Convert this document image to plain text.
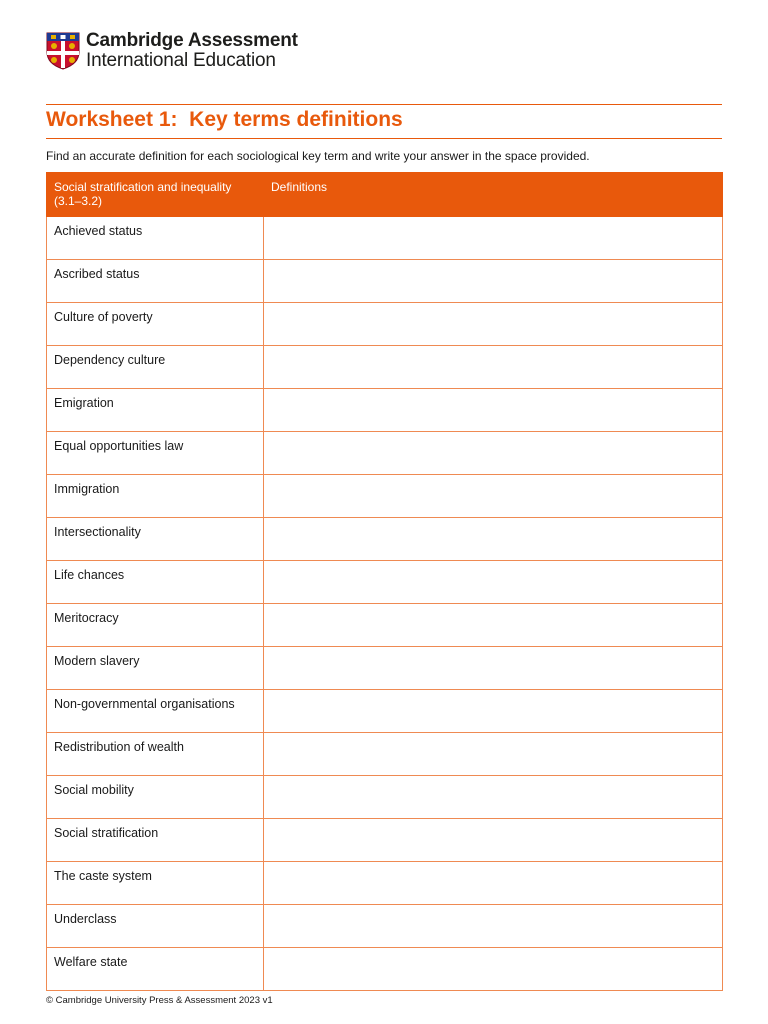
Cambridge Assessment
International Education
Worksheet 1:  Key terms definitions
Find an accurate definition for each sociological key term and write your answer in the space provided.
Social stratification and inequality (3.1–3.2)	Definitions
Achieved status	
Ascribed status	
Culture of poverty	
Dependency culture	
Emigration	
Equal opportunities law	
Immigration	
Intersectionality	
Life chances	
Meritocracy	
Modern slavery	
Non-governmental organisations	
Redistribution of wealth	
Social mobility	
Social stratification	
The caste system	
Underclass	
Welfare state	
© Cambridge University Press & Assessment 2023 v1
